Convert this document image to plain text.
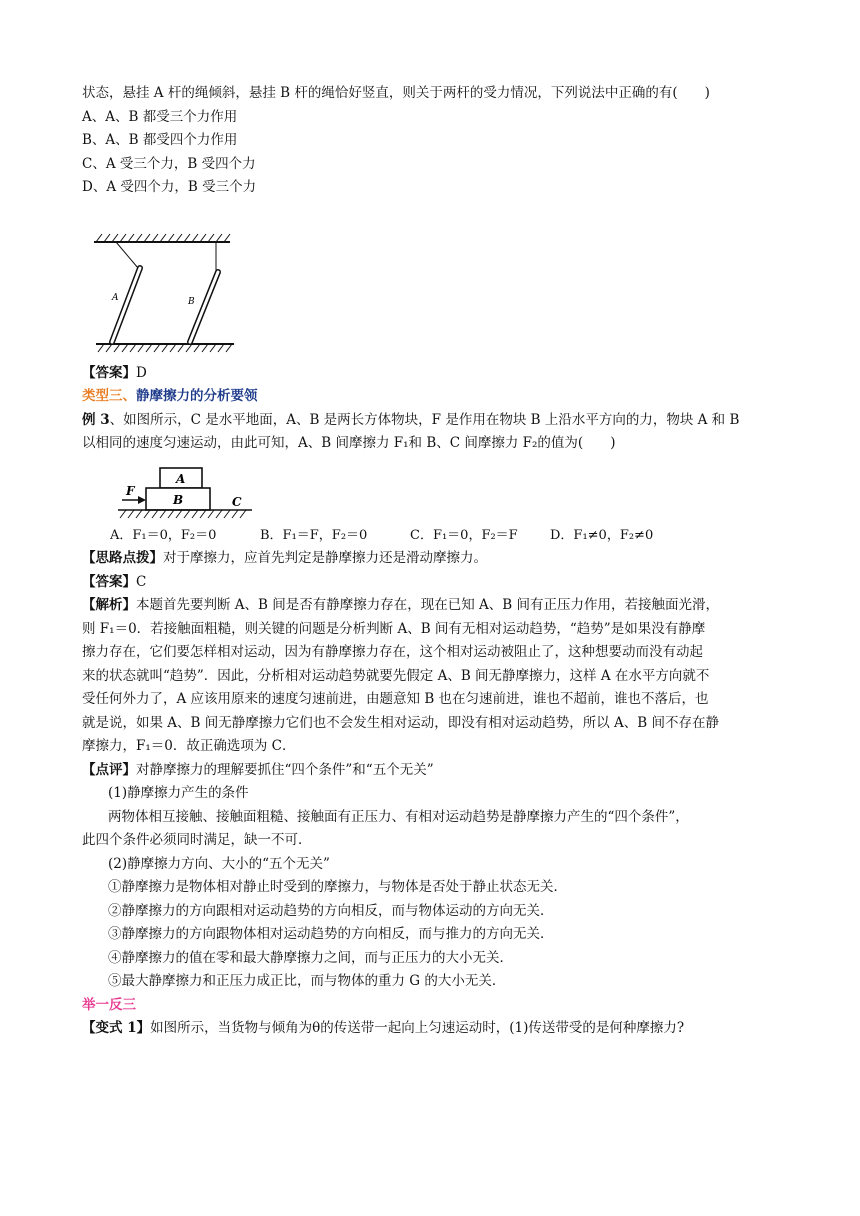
状态，悬挂 A 杆的绳倾斜，悬挂 B 杆的绳恰好竖直，则关于两杆的受力情况，下列说法中正确的有(　　)
A、A、B 都受三个力作用
B、A、B 都受四个力作用
C、A 受三个力，B 受四个力
D、A 受四个力，B 受三个力
A	B
【答案】D
类型三、静摩擦力的分析要领
例 3、如图所示，C 是水平地面，A、B 是两长方体物块，F 是作用在物块 B 上沿水平方向的力，物块 A 和 B
以相同的速度匀速运动，由此可知，A、B 间摩擦力 F₁和 B、C 间摩擦力 F₂的值为(　　)
A
B
F
C
A．F₁＝0，F₂＝0	B．F₁＝F，F₂＝0	C．F₁＝0，F₂＝F D．F₁≠0，F₂≠0
【思路点拨】对于摩擦力，应首先判定是静摩擦力还是滑动摩擦力。
【答案】C
【解析】本题首先要判断 A、B 间是否有静摩擦力存在，现在已知 A、B 间有正压力作用，若接触面光滑，
则 F₁＝0．若接触面粗糙，则关键的问题是分析判断 A、B 间有无相对运动趋势，“趋势”是如果没有静摩
擦力存在，它们要怎样相对运动，因为有静摩擦力存在，这个相对运动被阻止了，这种想要动而没有动起
来的状态就叫“趋势”．因此，分析相对运动趋势就要先假定 A、B 间无静摩擦力，这样 A 在水平方向就不
受任何外力了，A 应该用原来的速度匀速前进，由题意知 B 也在匀速前进，谁也不超前，谁也不落后，也
就是说，如果 A、B 间无静摩擦力它们也不会发生相对运动，即没有相对运动趋势，所以 A、B 间不存在静
摩擦力，F₁＝0．故正确选项为 C．
【点评】对静摩擦力的理解要抓住“四个条件”和“五个无关”
(1)静摩擦力产生的条件
两物体相互接触、接触面粗糙、接触面有正压力、有相对运动趋势是静摩擦力产生的“四个条件”，
此四个条件必须同时满足，缺一不可．
(2)静摩擦力方向、大小的“五个无关”
①静摩擦力是物体相对静止时受到的摩擦力，与物体是否处于静止状态无关．
②静摩擦力的方向跟相对运动趋势的方向相反，而与物体运动的方向无关．
③静摩擦力的方向跟物体相对运动趋势的方向相反，而与推力的方向无关．
④静摩擦力的值在零和最大静摩擦力之间，而与正压力的大小无关．
⑤最大静摩擦力和正压力成正比，而与物体的重力 G 的大小无关．
举一反三
【变式 1】如图所示，当货物与倾角为θ的传送带一起向上匀速运动时，(1)传送带受的是何种摩擦力?
